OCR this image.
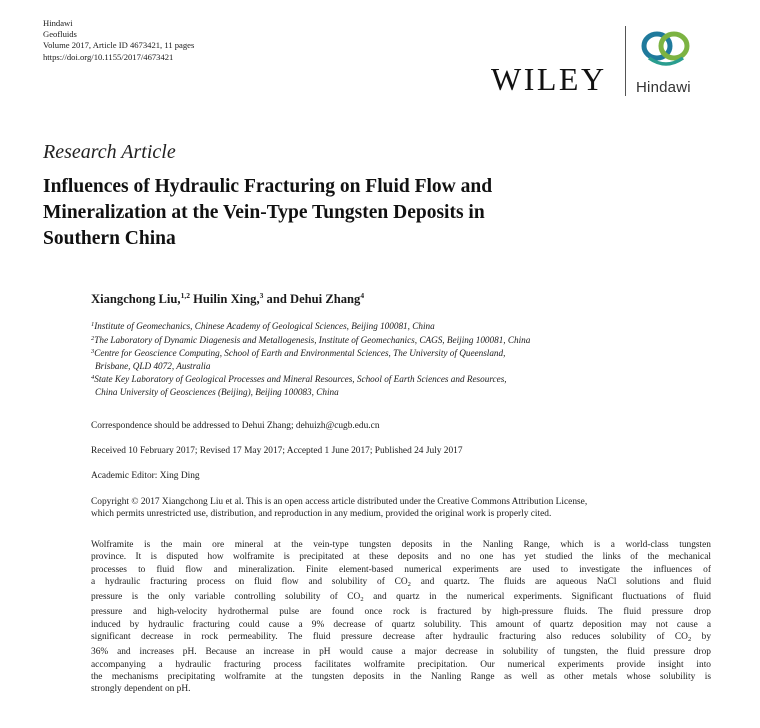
Hindawi
Geofluids
Volume 2017, Article ID 4673421, 11 pages
https://doi.org/10.1155/2017/4673421
WILEY Hindawi
Research Article
Influences of Hydraulic Fracturing on Fluid Flow and
Mineralization at the Vein-Type Tungsten Deposits in
Southern China
Xiangchong Liu,$^{1,2}$ Huilin Xing,$^3$ and Dehui Zhang$^4$
$^1$Institute of Geomechanics, Chinese Academy of Geological Sciences, Beijing 100081, China
$^2$The Laboratory of Dynamic Diagenesis and Metallogenesis, Institute of Geomechanics, CAGS, Beijing 100081, China
$^3$Centre for Geoscience Computing, School of Earth and Environmental Sciences, The University of Queensland,
Brisbane, QLD 4072, Australia
$^4$State Key Laboratory of Geological Processes and Mineral Resources, School of Earth Sciences and Resources,
China University of Geosciences (Beijing), Beijing 100083, China
Correspondence should be addressed to Dehui Zhang; dehuizh@cugb.edu.cn
Received 10 February 2017; Revised 17 May 2017; Accepted 1 June 2017; Published 24 July 2017
Academic Editor: Xing Ding
Copyright © 2017 Xiangchong Liu et al. This is an open access article distributed under the Creative Commons Attribution License,
which permits unrestricted use, distribution, and reproduction in any medium, provided the original work is properly cited.
Wolframite is the main ore mineral at the vein-type tungsten deposits in the Nanling Range, which is a world-class tungsten
province. It is disputed how wolframite is precipitated at these deposits and no one has yet studied the links of the mechanical
processes to fluid flow and mineralization. Finite element-based numerical experiments are used to investigate the influences of
a hydraulic fracturing process on fluid flow and solubility of $CO_2$ and quartz. The fluids are aqueous NaCl solutions and fluid
pressure is the only variable controlling solubility of $CO_2$ and quartz in the numerical experiments. Significant fluctuations of fluid
pressure and high-velocity hydrothermal pulse are found once rock is fractured by high-pressure fluids. The fluid pressure drop
induced by hydraulic fracturing could cause a 9% decrease of quartz solubility. This amount of quartz deposition may not cause a
significant decrease in rock permeability. The fluid pressure decrease after hydraulic fracturing also reduces solubility of $CO_2$ by
36% and increases pH. Because an increase in pH would cause a major decrease in solubility of tungsten, the fluid pressure drop
accompanying a hydraulic fracturing process facilitates wolframite precipitation. Our numerical experiments provide insight into
the mechanisms precipitating wolframite at the tungsten deposits in the Nanling Range as well as other metals whose solubility is
strongly dependent on pH.
